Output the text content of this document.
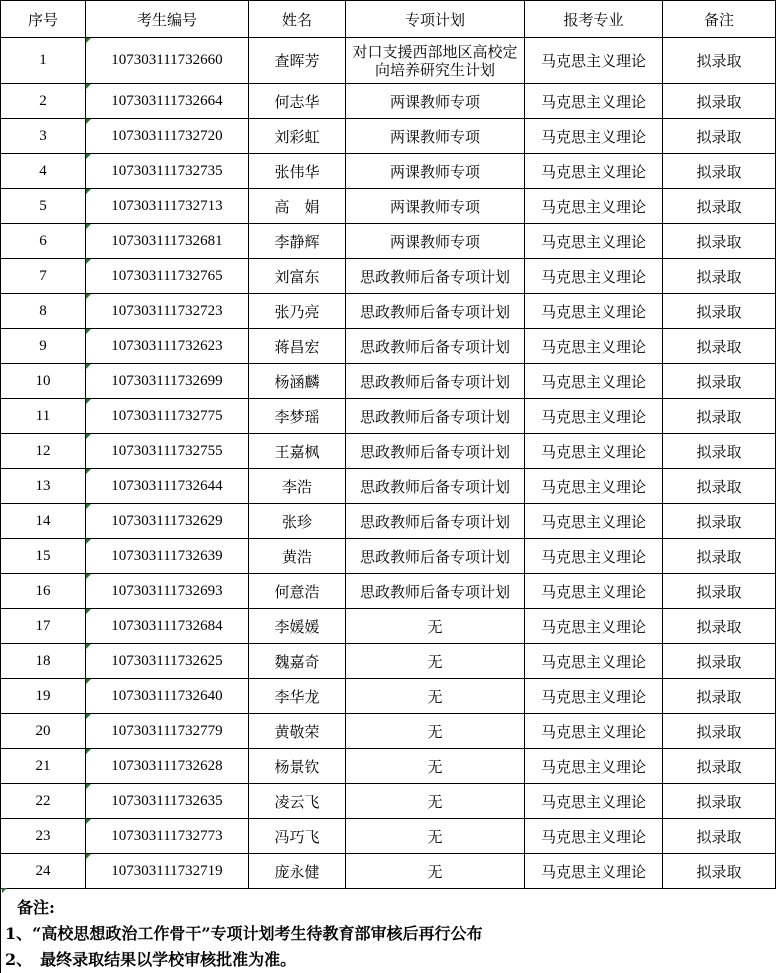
序号	考生编号	姓名	专项计划	报考专业	备注
1	107303111732660	查晖芳	对口支援西部地区高校定向培养研究生计划	马克思主义理论	拟录取
2	107303111732664	何志华	两课教师专项	马克思主义理论	拟录取
3	107303111732720	刘彩虹	两课教师专项	马克思主义理论	拟录取
4	107303111732735	张伟华	两课教师专项	马克思主义理论	拟录取
5	107303111732713	高　娟	两课教师专项	马克思主义理论	拟录取
6	107303111732681	李静辉	两课教师专项	马克思主义理论	拟录取
7	107303111732765	刘富东	思政教师后备专项计划	马克思主义理论	拟录取
8	107303111732723	张乃亮	思政教师后备专项计划	马克思主义理论	拟录取
9	107303111732623	蒋昌宏	思政教师后备专项计划	马克思主义理论	拟录取
10	107303111732699	杨涵麟	思政教师后备专项计划	马克思主义理论	拟录取
11	107303111732775	李梦瑶	思政教师后备专项计划	马克思主义理论	拟录取
12	107303111732755	王嘉枫	思政教师后备专项计划	马克思主义理论	拟录取
13	107303111732644	李浩	思政教师后备专项计划	马克思主义理论	拟录取
14	107303111732629	张珍	思政教师后备专项计划	马克思主义理论	拟录取
15	107303111732639	黄浩	思政教师后备专项计划	马克思主义理论	拟录取
16	107303111732693	何意浩	思政教师后备专项计划	马克思主义理论	拟录取
17	107303111732684	李媛媛	无	马克思主义理论	拟录取
18	107303111732625	魏嘉奇	无	马克思主义理论	拟录取
19	107303111732640	李华龙	无	马克思主义理论	拟录取
20	107303111732779	黄敬荣	无	马克思主义理论	拟录取
21	107303111732628	杨景钦	无	马克思主义理论	拟录取
22	107303111732635	凌云飞	无	马克思主义理论	拟录取
23	107303111732773	冯巧飞	无	马克思主义理论	拟录取
24	107303111732719	庞永健	无	马克思主义理论	拟录取
备注:
1、“高校思想政治工作骨干”专项计划考生待教育部审核后再行公布
2、　最终录取结果以学校审核批准为准。
